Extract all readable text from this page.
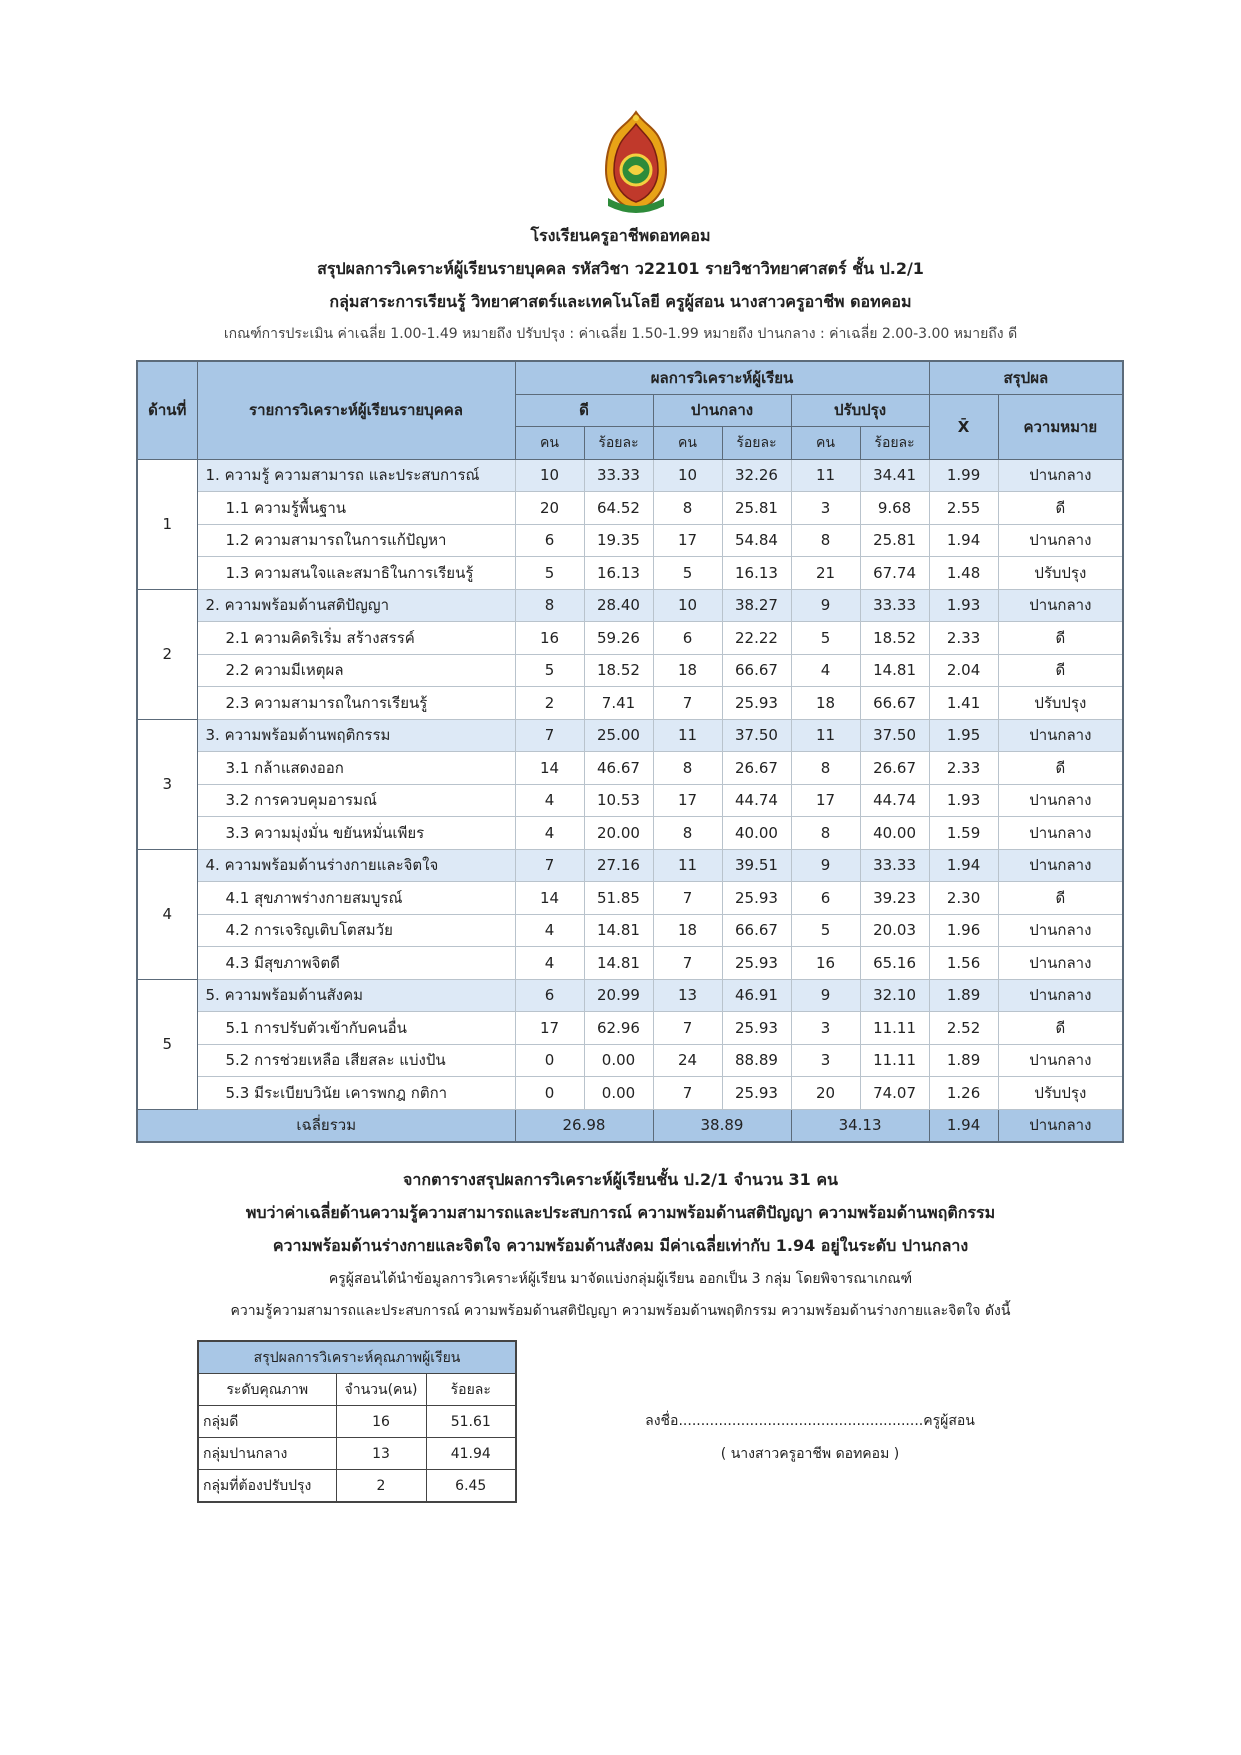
โรงเรียนครูอาชีพดอทคอม
สรุปผลการวิเคราะห์ผู้เรียนรายบุคคล รหัสวิชา ว22101 รายวิชาวิทยาศาสตร์ ชั้น ป.2/1
กลุ่มสาระการเรียนรู้ วิทยาศาสตร์และเทคโนโลยี ครูผู้สอน นางสาวครูอาชีพ ดอทคอม
เกณฑ์การประเมิน ค่าเฉลี่ย 1.00-1.49 หมายถึง ปรับปรุง : ค่าเฉลี่ย 1.50-1.99 หมายถึง ปานกลาง : ค่าเฉลี่ย 2.00-3.00 หมายถึง ดี
ด้านที่	รายการวิเคราะห์ผู้เรียนรายบุคคล	ผลการวิเคราะห์ผู้เรียน						สรุปผล	
		ดี		ปานกลาง		ปรับปรุง		X̄	ความหมาย
		คน	ร้อยละ	คน	ร้อยละ	คน	ร้อยละ		
1	1. ความรู้ ความสามารถ และประสบการณ์	10	33.33	10	32.26	11	34.41	1.99	ปานกลาง
	1.1 ความรู้พื้นฐาน	20	64.52	8	25.81	3	9.68	2.55	ดี
	1.2 ความสามารถในการแก้ปัญหา	6	19.35	17	54.84	8	25.81	1.94	ปานกลาง
	1.3 ความสนใจและสมาธิในการเรียนรู้	5	16.13	5	16.13	21	67.74	1.48	ปรับปรุง
2	2. ความพร้อมด้านสติปัญญา	8	28.40	10	38.27	9	33.33	1.93	ปานกลาง
	2.1 ความคิดริเริ่ม สร้างสรรค์	16	59.26	6	22.22	5	18.52	2.33	ดี
	2.2 ความมีเหตุผล	5	18.52	18	66.67	4	14.81	2.04	ดี
	2.3 ความสามารถในการเรียนรู้	2	7.41	7	25.93	18	66.67	1.41	ปรับปรุง
3	3. ความพร้อมด้านพฤติกรรม	7	25.00	11	37.50	11	37.50	1.95	ปานกลาง
	3.1 กล้าแสดงออก	14	46.67	8	26.67	8	26.67	2.33	ดี
	3.2 การควบคุมอารมณ์	4	10.53	17	44.74	17	44.74	1.93	ปานกลาง
	3.3 ความมุ่งมั่น ขยันหมั่นเพียร	4	20.00	8	40.00	8	40.00	1.59	ปานกลาง
4	4. ความพร้อมด้านร่างกายและจิตใจ	7	27.16	11	39.51	9	33.33	1.94	ปานกลาง
	4.1 สุขภาพร่างกายสมบูรณ์	14	51.85	7	25.93	6	39.23	2.30	ดี
	4.2 การเจริญเติบโตสมวัย	4	14.81	18	66.67	5	20.03	1.96	ปานกลาง
	4.3 มีสุขภาพจิตดี	4	14.81	7	25.93	16	65.16	1.56	ปานกลาง
5	5. ความพร้อมด้านสังคม	6	20.99	13	46.91	9	32.10	1.89	ปานกลาง
	5.1 การปรับตัวเข้ากับคนอื่น	17	62.96	7	25.93	3	11.11	2.52	ดี
	5.2 การช่วยเหลือ เสียสละ แบ่งปัน	0	0.00	24	88.89	3	11.11	1.89	ปานกลาง
	5.3 มีระเบียบวินัย เคารพกฎ กติกา	0	0.00	7	25.93	20	74.07	1.26	ปรับปรุง
เฉลี่ยรวม		26.98		38.89		34.13		1.94	ปานกลาง
จากตารางสรุปผลการวิเคราะห์ผู้เรียนชั้น ป.2/1 จำนวน 31 คน
พบว่าค่าเฉลี่ยด้านความรู้ความสามารถและประสบการณ์ ความพร้อมด้านสติปัญญา ความพร้อมด้านพฤติกรรม
ความพร้อมด้านร่างกายและจิตใจ ความพร้อมด้านสังคม มีค่าเฉลี่ยเท่ากับ 1.94 อยู่ในระดับ ปานกลาง
ครูผู้สอนได้นำข้อมูลการวิเคราะห์ผู้เรียน มาจัดแบ่งกลุ่มผู้เรียน ออกเป็น 3 กลุ่ม โดยพิจารณาเกณฑ์
ความรู้ความสามารถและประสบการณ์ ความพร้อมด้านสติปัญญา ความพร้อมด้านพฤติกรรม ความพร้อมด้านร่างกายและจิตใจ ดังนี้
สรุปผลการวิเคราะห์คุณภาพผู้เรียน		
ระดับคุณภาพ	จำนวน(คน)	ร้อยละ
กลุ่มดี	16	51.61
กลุ่มปานกลาง	13	41.94
กลุ่มที่ต้องปรับปรุง	2	6.45
ลงชื่อ.......................................................ครูผู้สอน
( นางสาวครูอาชีพ ดอทคอม )
